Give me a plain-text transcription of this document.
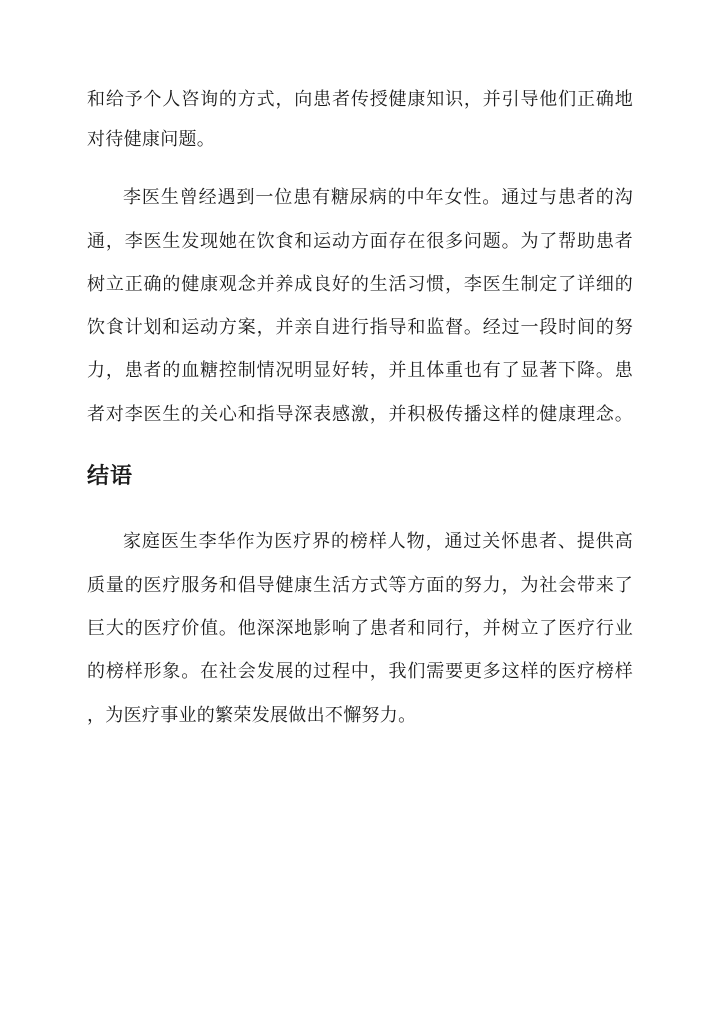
和给予个人咨询的方式，向患者传授健康知识，并引导他们正确地
对待健康问题。
李医生曾经遇到一位患有糖尿病的中年女性。通过与患者的沟
通，李医生发现她在饮食和运动方面存在很多问题。为了帮助患者
树立正确的健康观念并养成良好的生活习惯，李医生制定了详细的
饮食计划和运动方案，并亲自进行指导和监督。经过一段时间的努
力，患者的血糖控制情况明显好转，并且体重也有了显著下降。患
者对李医生的关心和指导深表感激，并积极传播这样的健康理念。
结语
家庭医生李华作为医疗界的榜样人物，通过关怀患者、提供高
质量的医疗服务和倡导健康生活方式等方面的努力，为社会带来了
巨大的医疗价值。他深深地影响了患者和同行，并树立了医疗行业
的榜样形象。在社会发展的过程中，我们需要更多这样的医疗榜样
，为医疗事业的繁荣发展做出不懈努力。
